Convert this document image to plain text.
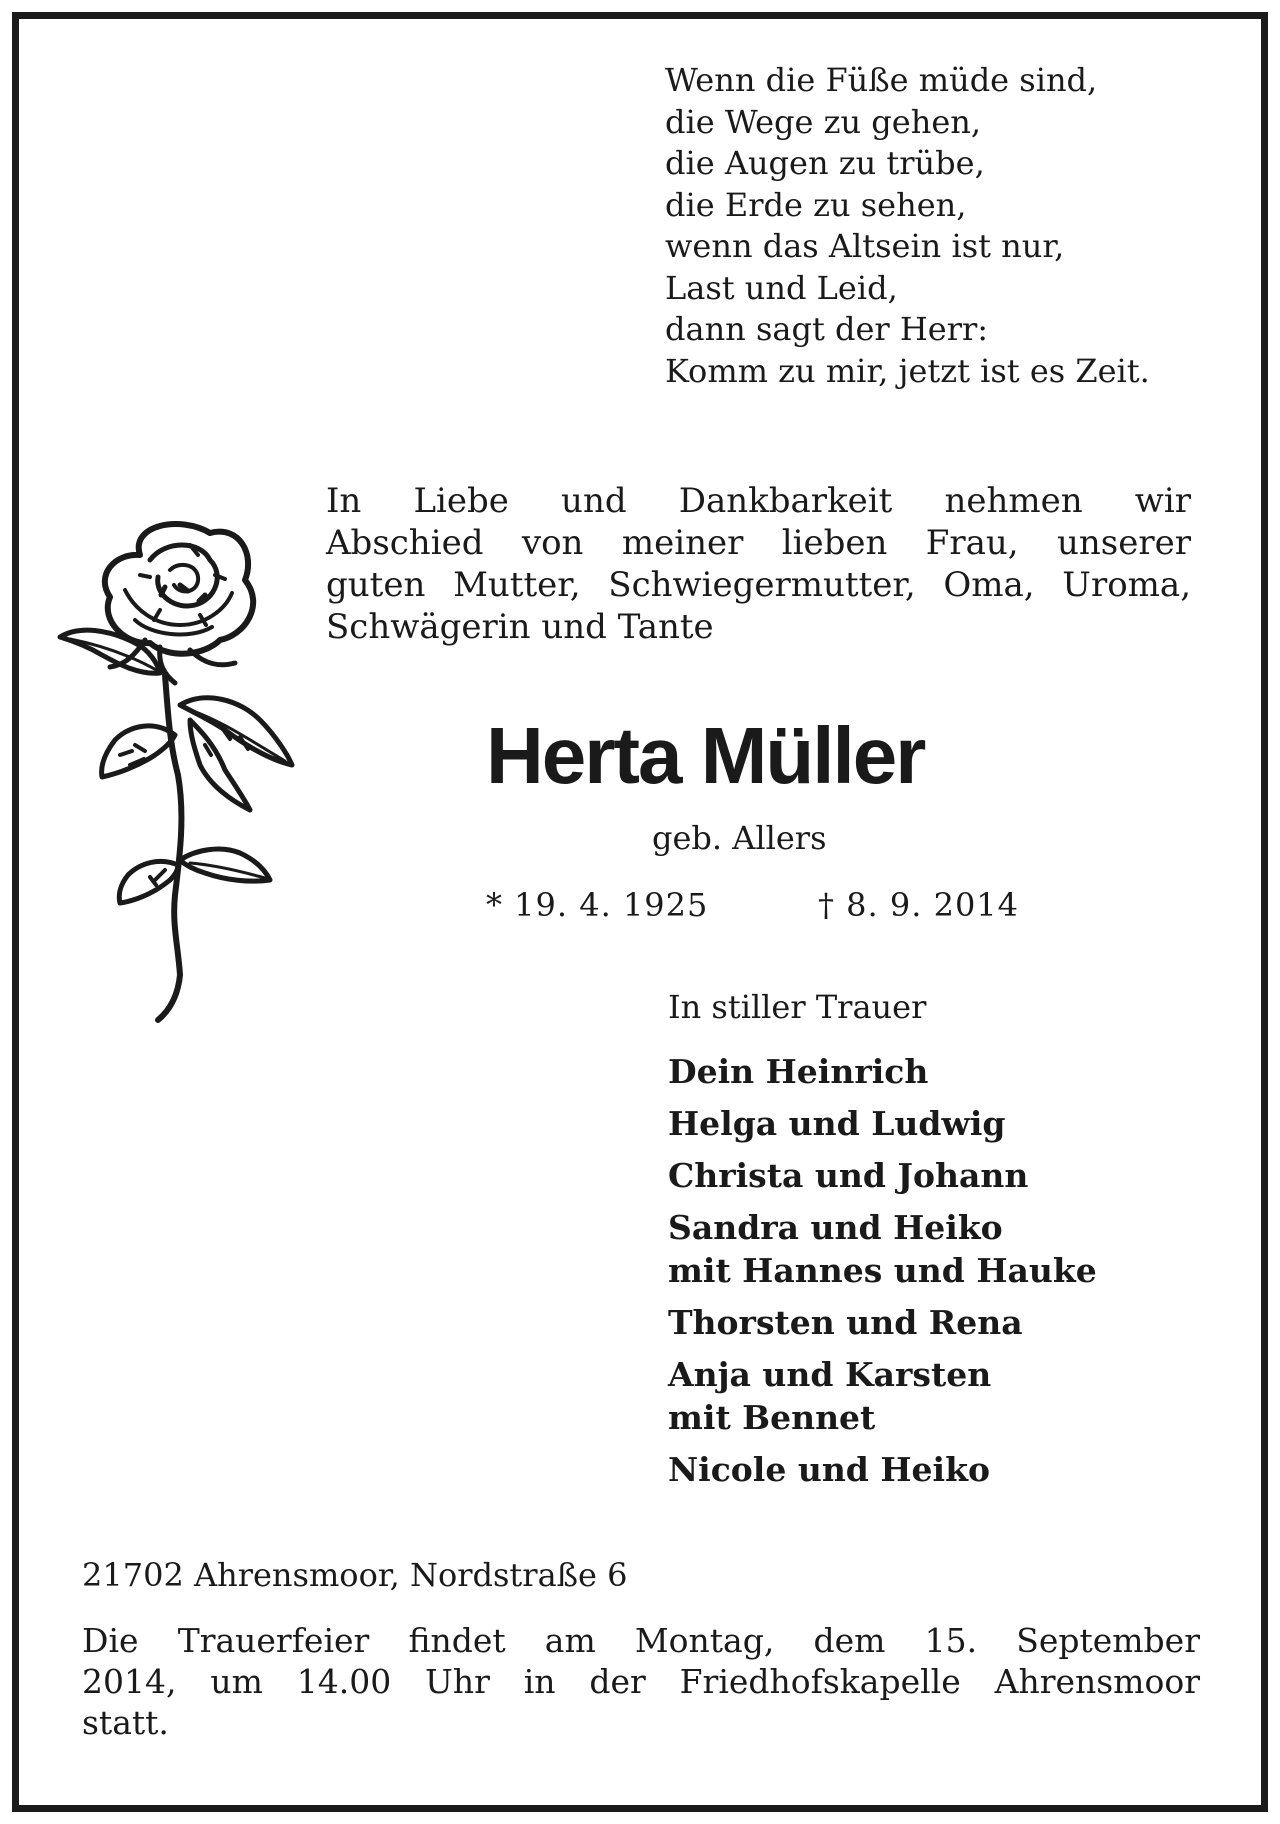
Wenn die Füße müde sind,
die Wege zu gehen,
die Augen zu trübe,
die Erde zu sehen,
wenn das Altsein ist nur,
Last und Leid,
dann sagt der Herr:
Komm zu mir, jetzt ist es Zeit.
In Liebe und Dankbarkeit nehmen wir
Abschied von meiner lieben Frau, unserer
guten Mutter, Schwiegermutter, Oma, Uroma,
Schwägerin und Tante
Herta Müller
geb. Allers
* 19. 4. 1925	† 8. 9. 2014
In stiller Trauer
Dein Heinrich
Helga und Ludwig
Christa und Johann
Sandra und Heiko
mit Hannes und Hauke
Thorsten und Rena
Anja und Karsten
mit Bennet
Nicole und Heiko
21702 Ahrensmoor, Nordstraße 6
Die Trauerfeier findet am Montag, dem 15. September
2014, um 14.00 Uhr in der Friedhofskapelle Ahrensmoor
statt.
